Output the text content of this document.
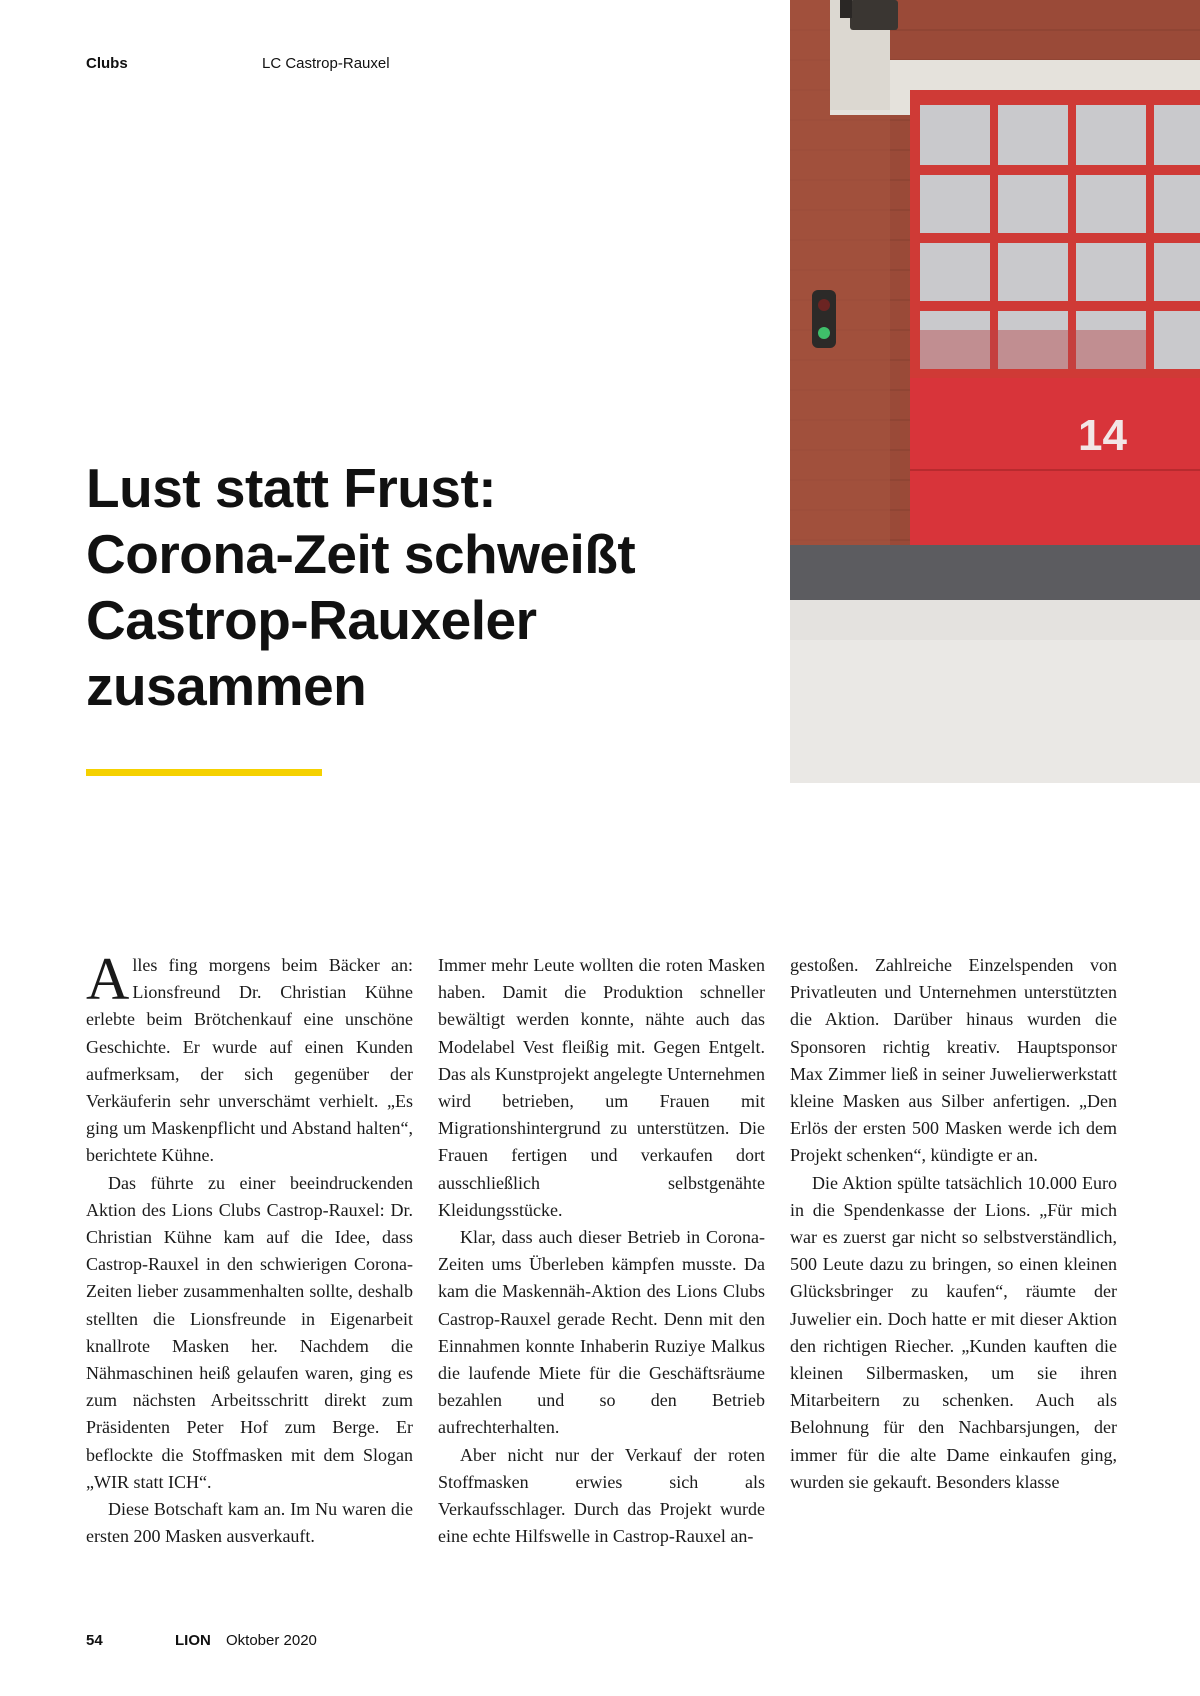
Clubs	LC Castrop-Rauxel
14
Lust statt Frust:
Corona-Zeit schweißt
Castrop-Rauxeler
zusammen

Alles fing morgens beim Bäcker an: Lionsfreund Dr. Christian Kühne erlebte beim Brötchenkauf eine unschöne Geschichte. Er wurde auf einen Kunden aufmerksam, der sich gegenüber der Verkäuferin sehr unverschämt verhielt. „Es ging um Maskenpflicht und Abstand halten“, berichtete Kühne.

Das führte zu einer beeindruckenden Aktion des Lions Clubs Castrop-Rauxel: Dr. Christian Kühne kam auf die Idee, dass Castrop-Rauxel in den schwierigen Corona-Zeiten lieber zusammenhalten sollte, deshalb stellten die Lionsfreunde in Eigenarbeit knallrote Masken her. Nachdem die Nähmaschinen heiß gelaufen waren, ging es zum nächsten Arbeitsschritt direkt zum Präsidenten Peter Hof zum Berge. Er beflockte die Stoffmasken mit dem Slogan „WIR statt ICH“.

Diese Botschaft kam an. Im Nu waren die ersten 200 Masken ausverkauft.

Immer mehr Leute wollten die roten Masken haben. Damit die Produktion schneller bewältigt werden konnte, nähte auch das Modelabel Vest fleißig mit. Gegen Entgelt. Das als Kunstprojekt angelegte Unternehmen wird betrieben, um Frauen mit Migrationshintergrund zu unterstützen. Die Frauen fertigen und verkaufen dort ausschließlich selbstgenähte Kleidungsstücke.

Klar, dass auch dieser Betrieb in Corona-Zeiten ums Überleben kämpfen musste. Da kam die Maskennäh-Aktion des Lions Clubs Castrop-Rauxel gerade Recht. Denn mit den Einnahmen konnte Inhaberin Ruziye Malkus die laufende Miete für die Geschäftsräume bezahlen und so den Betrieb aufrechterhalten.

Aber nicht nur der Verkauf der roten Stoffmasken erwies sich als Verkaufsschlager. Durch das Projekt wurde eine echte Hilfswelle in Castrop-Rauxel an-

gestoßen. Zahlreiche Einzelspenden von Privatleuten und Unternehmen unterstützten die Aktion. Darüber hinaus wurden die Sponsoren richtig kreativ. Hauptsponsor Max Zimmer ließ in seiner Juwelierwerkstatt kleine Masken aus Silber anfertigen. „Den Erlös der ersten 500 Masken werde ich dem Projekt schenken“, kündigte er an.

Die Aktion spülte tatsächlich 10.000 Euro in die Spendenkasse der Lions. „Für mich war es zuerst gar nicht so selbstverständlich, 500 Leute dazu zu bringen, so einen kleinen Glücksbringer zu kaufen“, räumte der Juwelier ein. Doch hatte er mit dieser Aktion den richtigen Riecher. „Kunden kauften die kleinen Silbermasken, um sie ihren Mitarbeitern zu schenken. Auch als Belohnung für den Nachbarsjungen, der immer für die alte Dame einkaufen ging, wurden sie gekauft. Besonders klasse

54	LION Oktober 2020
